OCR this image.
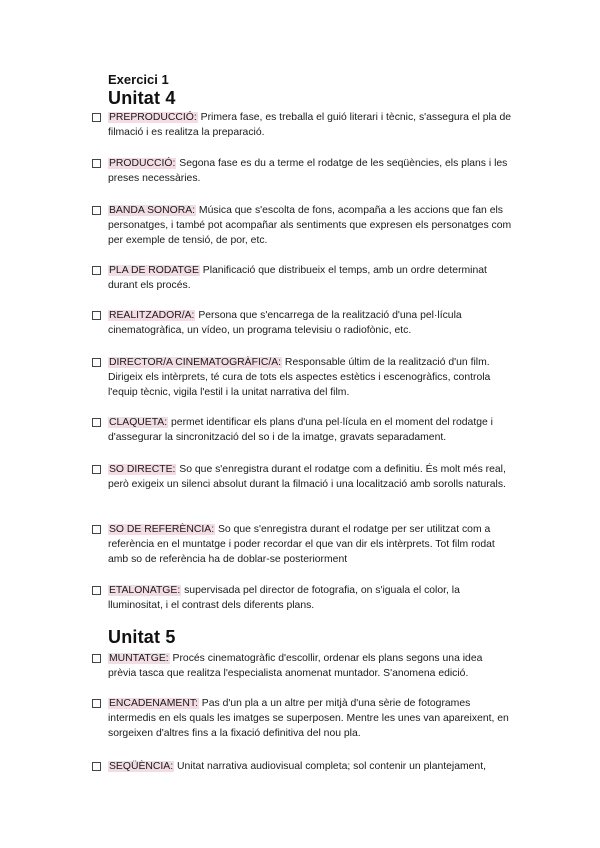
Exercici 1
Unitat 4
PREPRODUCCIÓ: Primera fase, es treballa el guió literari i tècnic, s'assegura el pla de filmació i es realitza la preparació.
PRODUCCIÓ: Segona fase es du a terme el rodatge de les seqüències, els plans i les preses necessàries.
BANDA SONORA: Música que s'escolta de fons, acompaña a les accions que fan els personatges, i també pot acompañar als sentiments que expresen els personatges com per exemple de tensió, de por, etc.
PLA DE RODATGE Planificació que distribueix el temps, amb un ordre determinat durant els procés.
REALITZADOR/A: Persona que s'encarrega de la realització d'una pel·lícula cinematogràfica, un vídeo, un programa televisiu o radiofònic, etc.
DIRECTOR/A CINEMATOGRÀFIC/A: Responsable últim de la realització d'un film. Dirigeix els intèrprets, té cura de tots els aspectes estètics i escenogràfics, controla l'equip tècnic, vigila l'estil i la unitat narrativa del film.
CLAQUETA: permet identificar els plans d'una pel·lícula en el moment del rodatge i d'assegurar la sincronització del so i de la imatge, gravats separadament.
SO DIRECTE: So que s'enregistra durant el rodatge com a definitiu. És molt més real, però exigeix un silenci absolut durant la filmació i una localització amb sorolls naturals.
SO DE REFERÈNCIA: So que s'enregistra durant el rodatge per ser utilitzat com a referència en el muntatge i poder recordar el que van dir els intèrprets. Tot film rodat amb so de referència ha de doblar-se posteriorment
ETALONATGE: supervisada pel director de fotografia, on s'iguala el color, la lluminositat, i el contrast dels diferents plans.
Unitat 5
MUNTATGE: Procés cinematogràfic d'escollir, ordenar els plans segons una idea prèvia tasca que realitza l'especialista anomenat muntador. S'anomena edició.
ENCADENAMENT: Pas d'un pla a un altre per mitjà d'una sèrie de fotogrames intermedis en els quals les imatges se superposen. Mentre les unes van apareixent, en sorgeixen d'altres fins a la fixació definitiva del nou pla.
SEQÜÈNCIA: Unitat narrativa audiovisual completa; sol contenir un plantejament,
